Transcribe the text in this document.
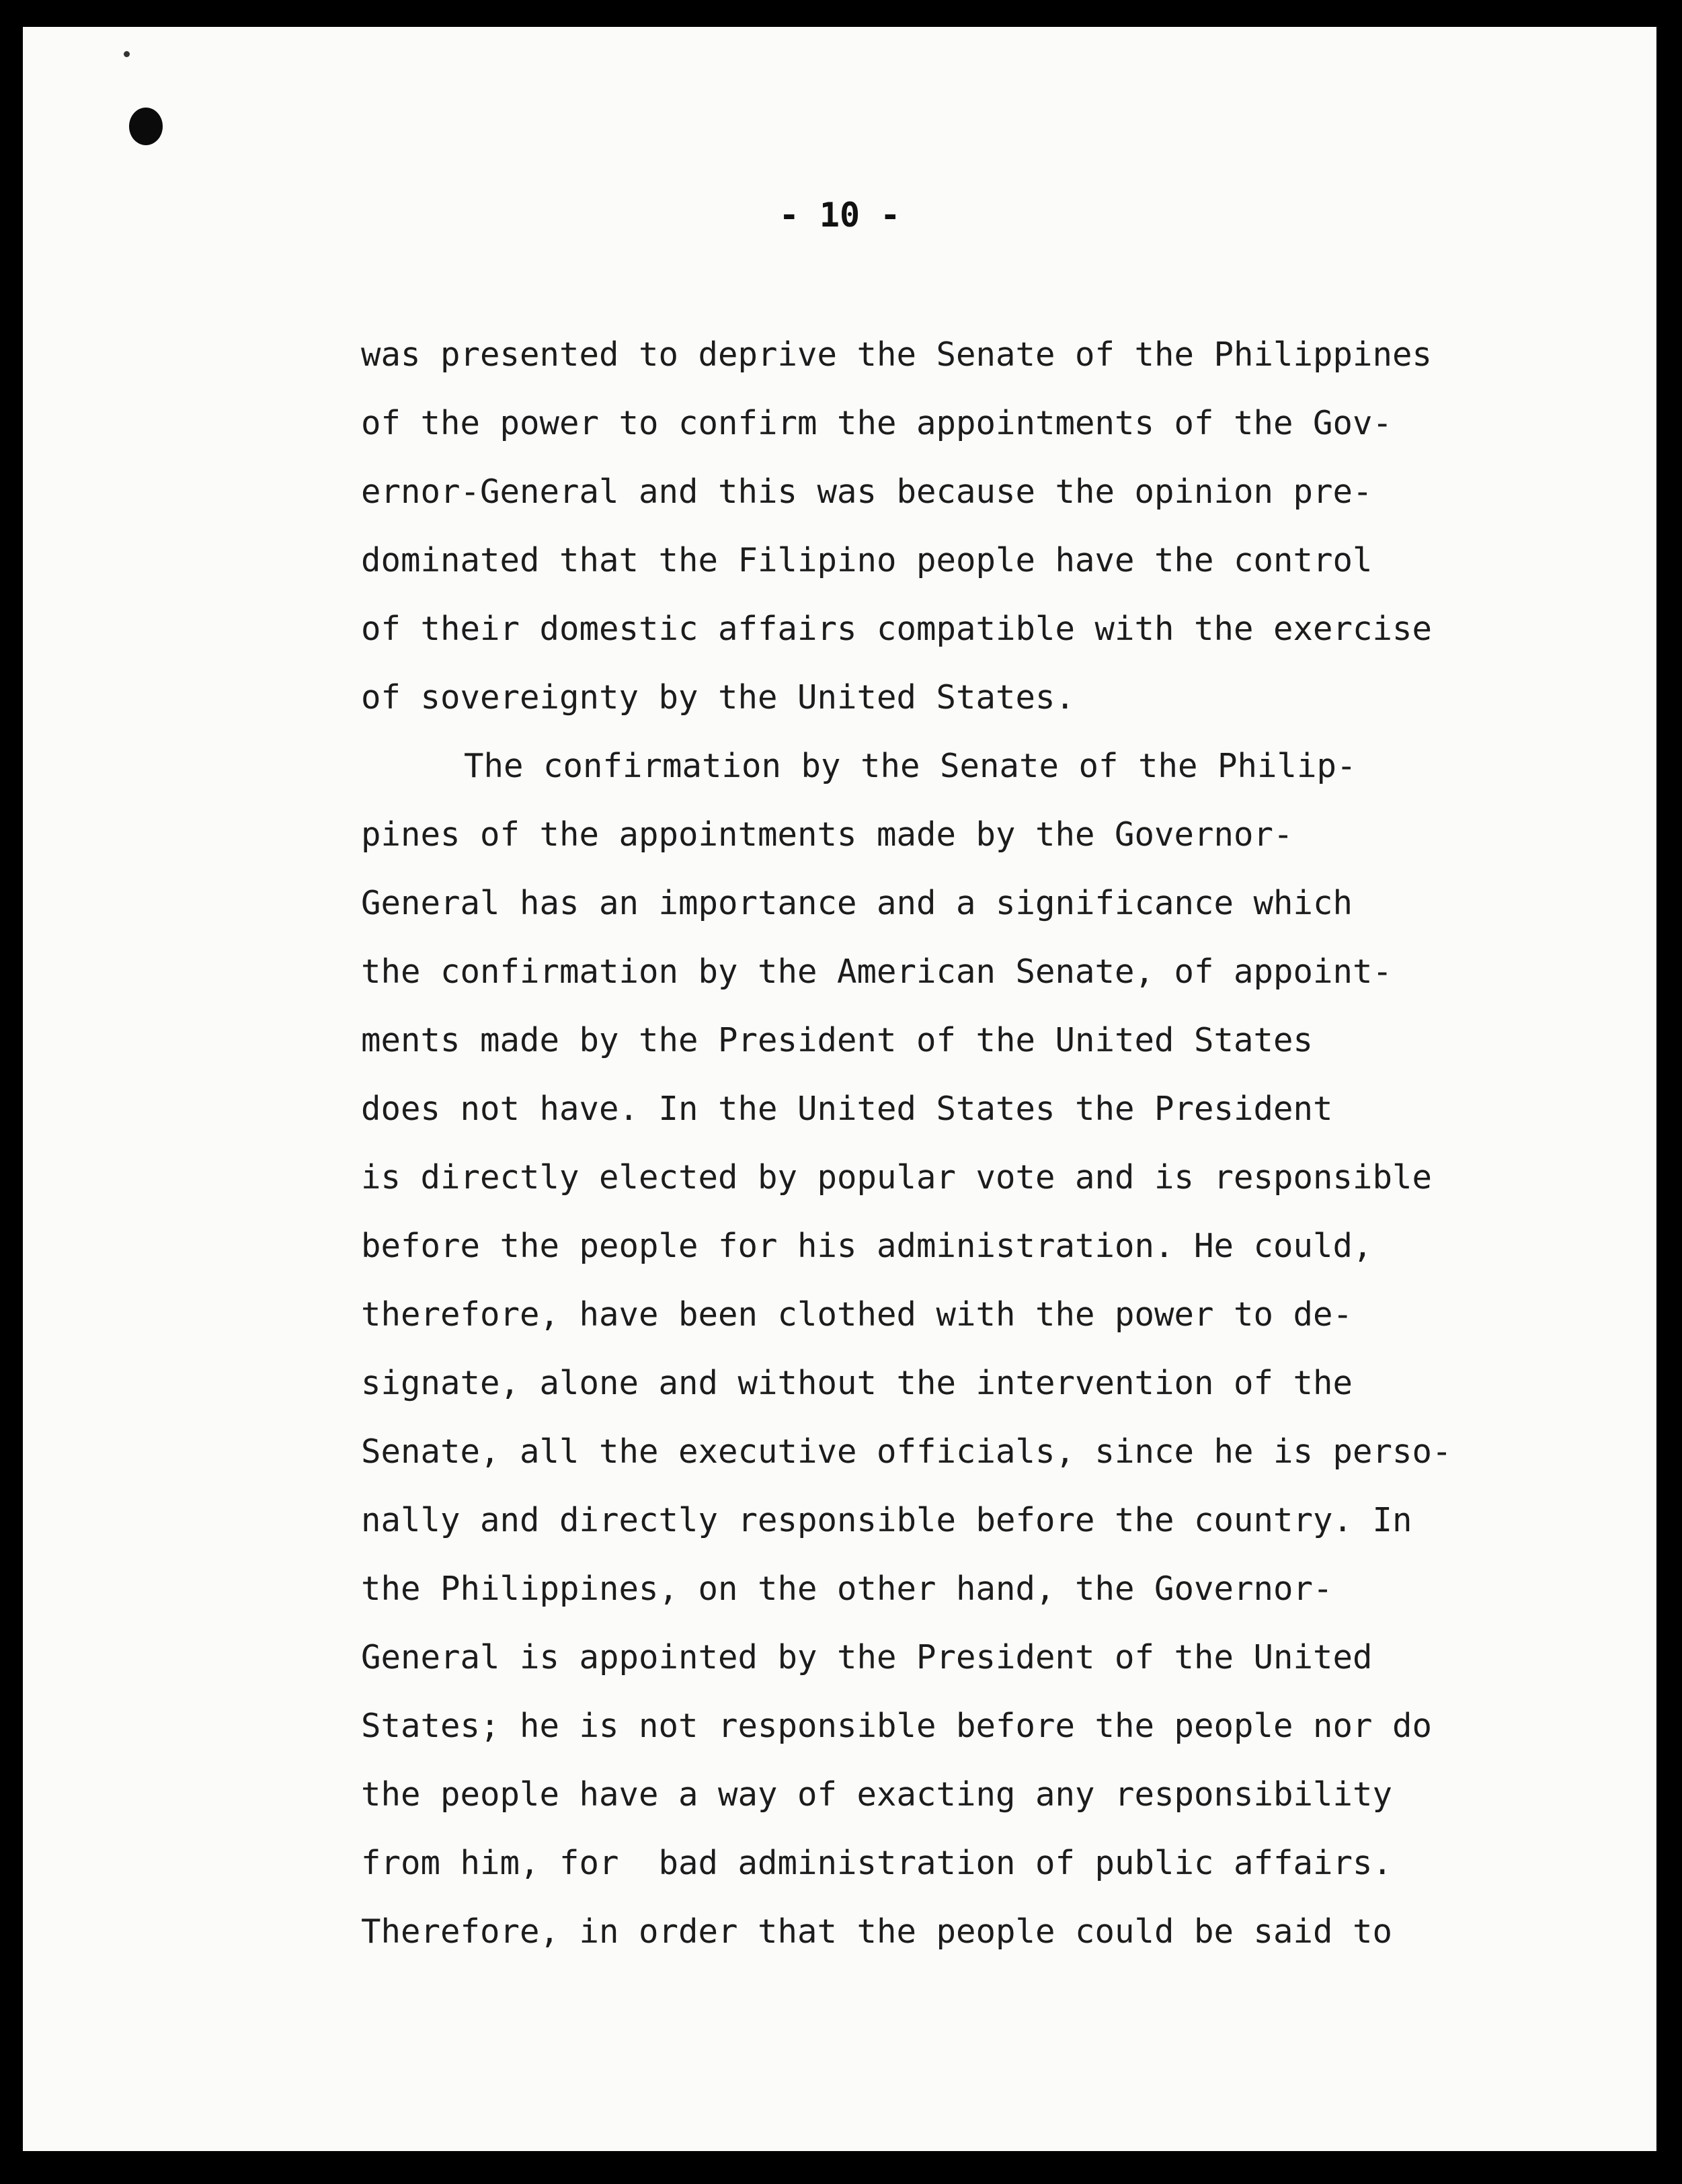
- 10 -

was presented to deprive the Senate of the Philippines

of the power to confirm the appointments of the Gov-

ernor-General and this was because the opinion pre-

dominated that the Filipino people have the control

of their domestic affairs compatible with the exercise

of sovereignty by the United States.

The confirmation by the Senate of the Philip-

pines of the appointments made by the Governor-

General has an importance and a significance which

the confirmation by the American Senate, of appoint-

ments made by the President of the United States

does not have. In the United States the President

is directly elected by popular vote and is responsible

before the people for his administration. He could,

therefore, have been clothed with the power to de-

signate, alone and without the intervention of the

Senate, all the executive officials, since he is perso-

nally and directly responsible before the country. In

the Philippines, on the other hand, the Governor-

General is appointed by the President of the United

States; he is not responsible before the people nor do

the people have a way of exacting any responsibility

from him, for  bad administration of public affairs.

Therefore, in order that the people could be said to
